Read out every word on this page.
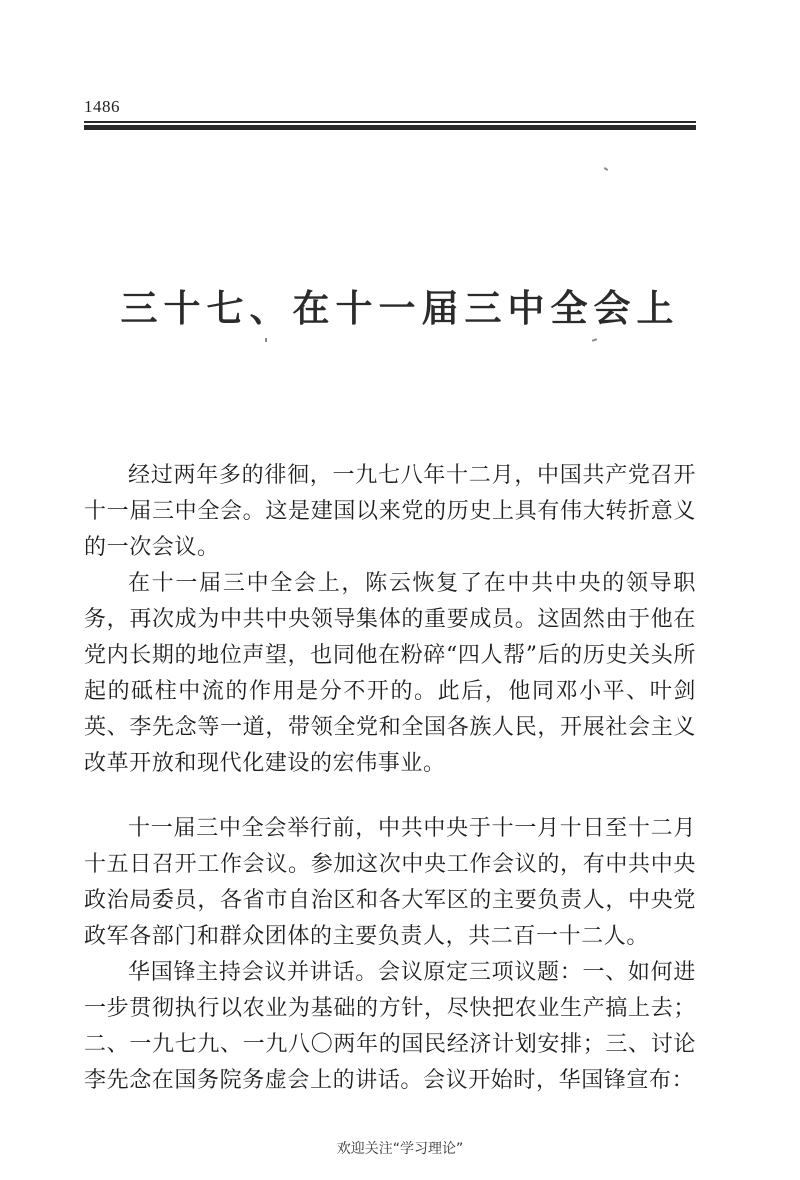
1486
三十七、在十一届三中全会上

经过两年多的徘徊，一九七八年十二月，中国共产党召开十一届三中全会。这是建国以来党的历史上具有伟大转折意义的一次会议。

在十一届三中全会上，陈云恢复了在中共中央的领导职务，再次成为中共中央领导集体的重要成员。这固然由于他在党内长期的地位声望，也同他在粉碎“四人帮”后的历史关头所起的砥柱中流的作用是分不开的。此后，他同邓小平、叶剑英、李先念等一道，带领全党和全国各族人民，开展社会主义改革开放和现代化建设的宏伟事业。

十一届三中全会举行前，中共中央于十一月十日至十二月十五日召开工作会议。参加这次中央工作会议的，有中共中央政治局委员，各省市自治区和各大军区的主要负责人，中央党政军各部门和群众团体的主要负责人，共二百一十二人。

华国锋主持会议并讲话。会议原定三项议题：一、如何进一步贯彻执行以农业为基础的方针，尽快把农业生产搞上去；二、一九七九、一九八〇两年的国民经济计划安排；三、讨论李先念在国务院务虚会上的讲话。会议开始时，华国锋宣布：

欢迎关注“学习理论”
